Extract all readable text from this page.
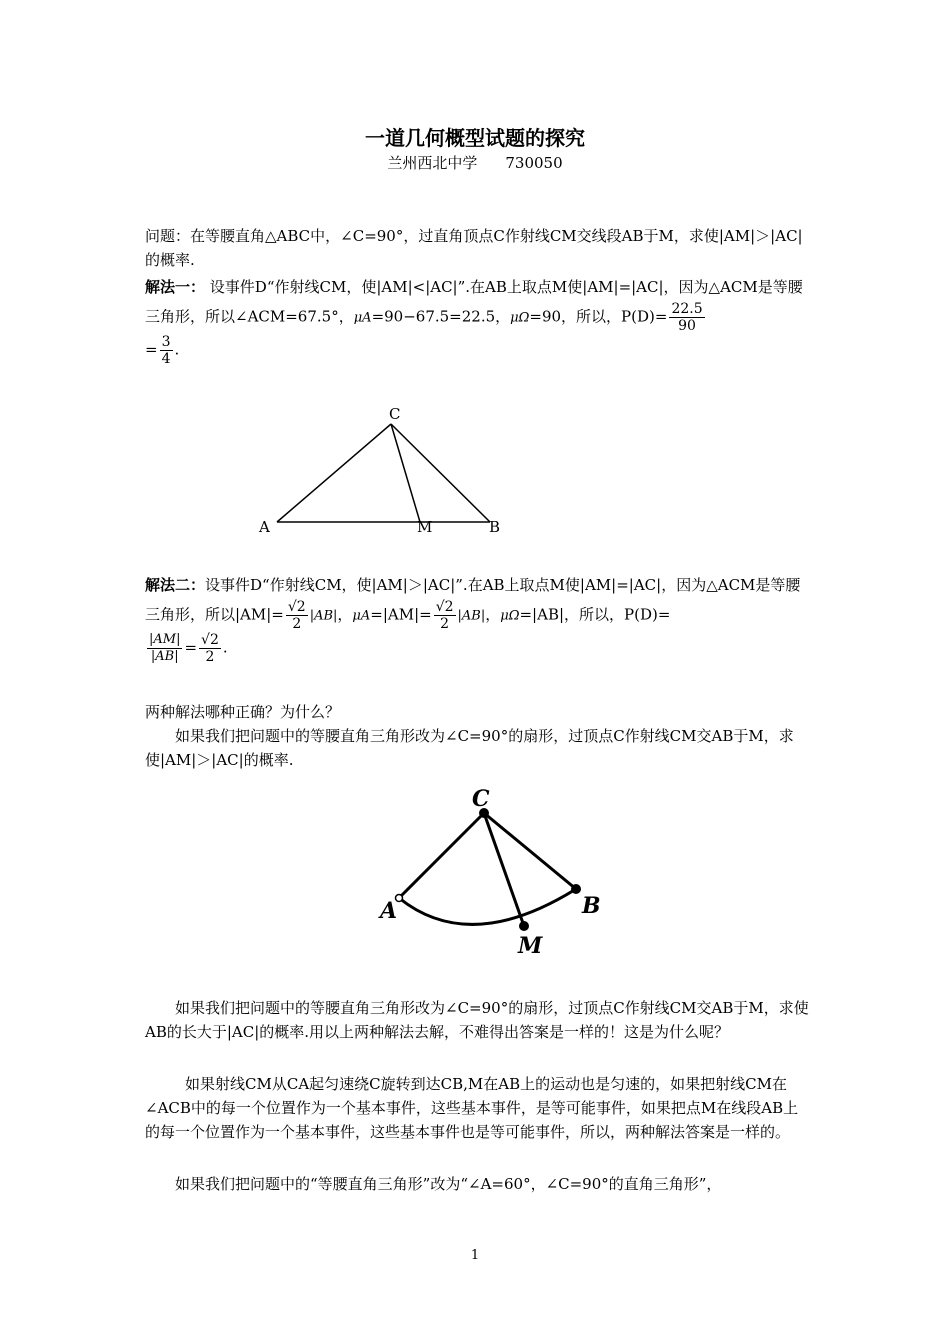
一道几何概型试题的探究
兰州西北中学 730050
问题：在等腰直角△ABC中，∠C=90°，过直角顶点C作射线CM交线段AB于M，求使|AM|＞|AC|的概率.
解法一： 设事件D“作射线CM，使|AM|<|AC|”.在AB上取点M使|AM|=|AC|，因为△ACM是等腰三角形，所以∠ACM=67.5°，μA=90−67.5=22.5，μΩ=90，所以，$P(D)= \frac{22.5}{90}$

= $\frac{3}{4}$ .
C
A	M	B
解法二：设事件D“作射线CM，使|AM|＞|AC|”.在AB上取点M使|AM|=|AC|，因为△ACM是等腰三角形，所以$|AM|= \frac{√2}{2} |AB|$，$\mu A=|AM|= \frac{√2}{2} |AB|$，μΩ=|AB|，所以，P(D)=

$\frac{|AM|}{|AB|} = \frac{√2}{2}$ .
两种解法哪种正确？为什么？
如果我们把问题中的等腰直角三角形改为∠C=90°的扇形，过顶点C作射线CM交AB于M，求使|AM|＞|AC|的概率.
C
A	B
M
如果我们把问题中的等腰直角三角形改为∠C=90°的扇形，过顶点C作射线CM交AB于M，求使AB的长大于|AC|的概率.用以上两种解法去解，不难得出答案是一样的！这是为什么呢？
如果射线CM从CA起匀速绕C旋转到达CB,M在AB上的运动也是匀速的，如果把射线CM在∠ACB中的每一个位置作为一个基本事件，这些基本事件，是等可能事件，如果把点M在线段AB上的每一个位置作为一个基本事件，这些基本事件也是等可能事件，所以，两种解法答案是一样的。
如果我们把问题中的“等腰直角三角形”改为“∠A=60°，∠C=90°的直角三角形”，
1
